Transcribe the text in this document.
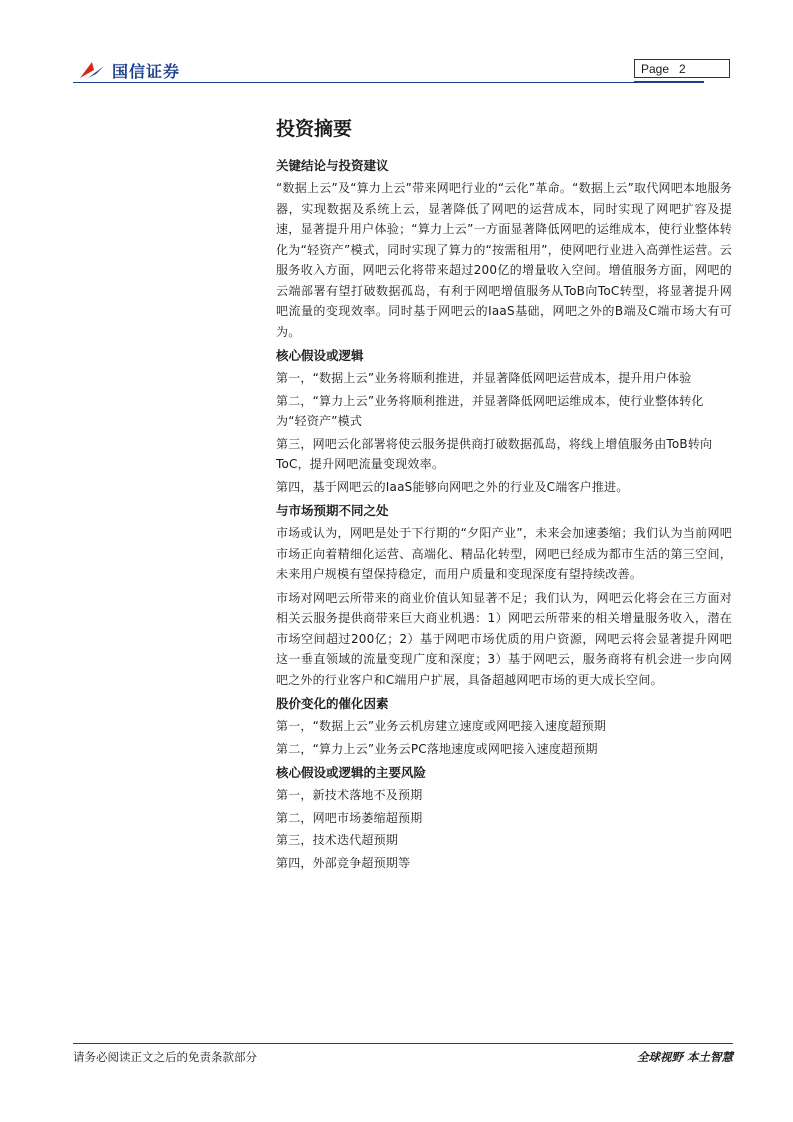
国信证券	Page 2
投资摘要
关键结论与投资建议

“数据上云”及“算力上云”带来网吧行业的“云化”革命。“数据上云”取代网吧本地服务器，实现数据及系统上云，显著降低了网吧的运营成本，同时实现了网吧扩容及提速，显著提升用户体验；“算力上云”一方面显著降低网吧的运维成本，使行业整体转化为“轻资产”模式，同时实现了算力的“按需租用”，使网吧行业进入高弹性运营。云服务收入方面，网吧云化将带来超过200亿的增量收入空间。增值服务方面，网吧的云端部署有望打破数据孤岛，有利于网吧增值服务从ToB向ToC转型，将显著提升网吧流量的变现效率。同时基于网吧云的IaaS基础，网吧之外的B端及C端市场大有可为。

核心假设或逻辑

第一，“数据上云”业务将顺利推进，并显著降低网吧运营成本，提升用户体验

第二，“算力上云”业务将顺利推进，并显著降低网吧运维成本，使行业整体转化为“轻资产”模式

第三，网吧云化部署将使云服务提供商打破数据孤岛，将线上增值服务由ToB转向ToC，提升网吧流量变现效率。

第四，基于网吧云的IaaS能够向网吧之外的行业及C端客户推进。

与市场预期不同之处

市场或认为，网吧是处于下行期的“夕阳产业”，未来会加速萎缩；我们认为当前网吧市场正向着精细化运营、高端化、精品化转型，网吧已经成为都市生活的第三空间，未来用户规模有望保持稳定，而用户质量和变现深度有望持续改善。

市场对网吧云所带来的商业价值认知显著不足；我们认为，网吧云化将会在三方面对相关云服务提供商带来巨大商业机遇：1）网吧云所带来的相关增量服务收入，潜在市场空间超过200亿；2）基于网吧市场优质的用户资源，网吧云将会显著提升网吧这一垂直领域的流量变现广度和深度；3）基于网吧云，服务商将有机会进一步向网吧之外的行业客户和C端用户扩展，具备超越网吧市场的更大成长空间。

股价变化的催化因素

第一，“数据上云”业务云机房建立速度或网吧接入速度超预期

第二，“算力上云”业务云PC落地速度或网吧接入速度超预期

核心假设或逻辑的主要风险

第一，新技术落地不及预期

第二，网吧市场萎缩超预期

第三，技术迭代超预期

第四，外部竞争超预期等

请务必阅读正文之后的免责条款部分	全球视野 本土智慧
